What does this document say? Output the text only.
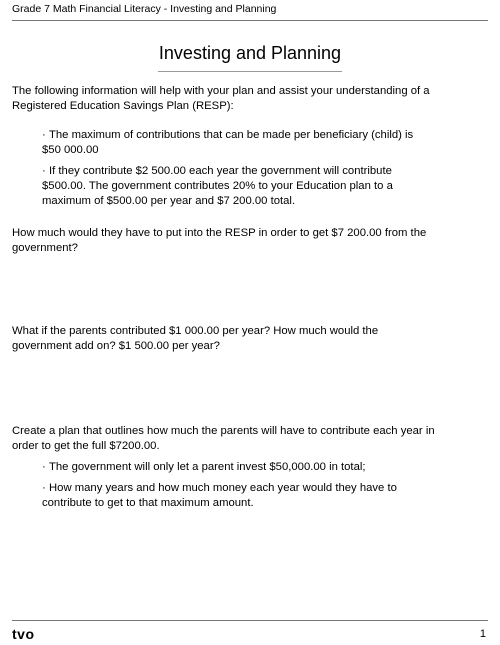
Grade 7 Math Financial Literacy - Investing and Planning
Investing and Planning
The following information will help with your plan and assist your understanding of a
Registered Education Savings Plan (RESP):
· The maximum of contributions that can be made per beneficiary (child) is
$50 000.00
· If they contribute $2 500.00 each year the government will contribute
$500.00. The government contributes 20% to your Education plan to a
maximum of $500.00 per year and $7 200.00 total.
How much would they have to put into the RESP in order to get $7 200.00 from the
government?
What if the parents contributed $1 000.00 per year? How much would the
government add on? $1 500.00 per year?
Create a plan that outlines how much the parents will have to contribute each year in
order to get the full $7200.00.
· The government will only let a parent invest $50,000.00 in total;
· How many years and how much money each year would they have to
contribute to get to that maximum amount.
tvo	1
